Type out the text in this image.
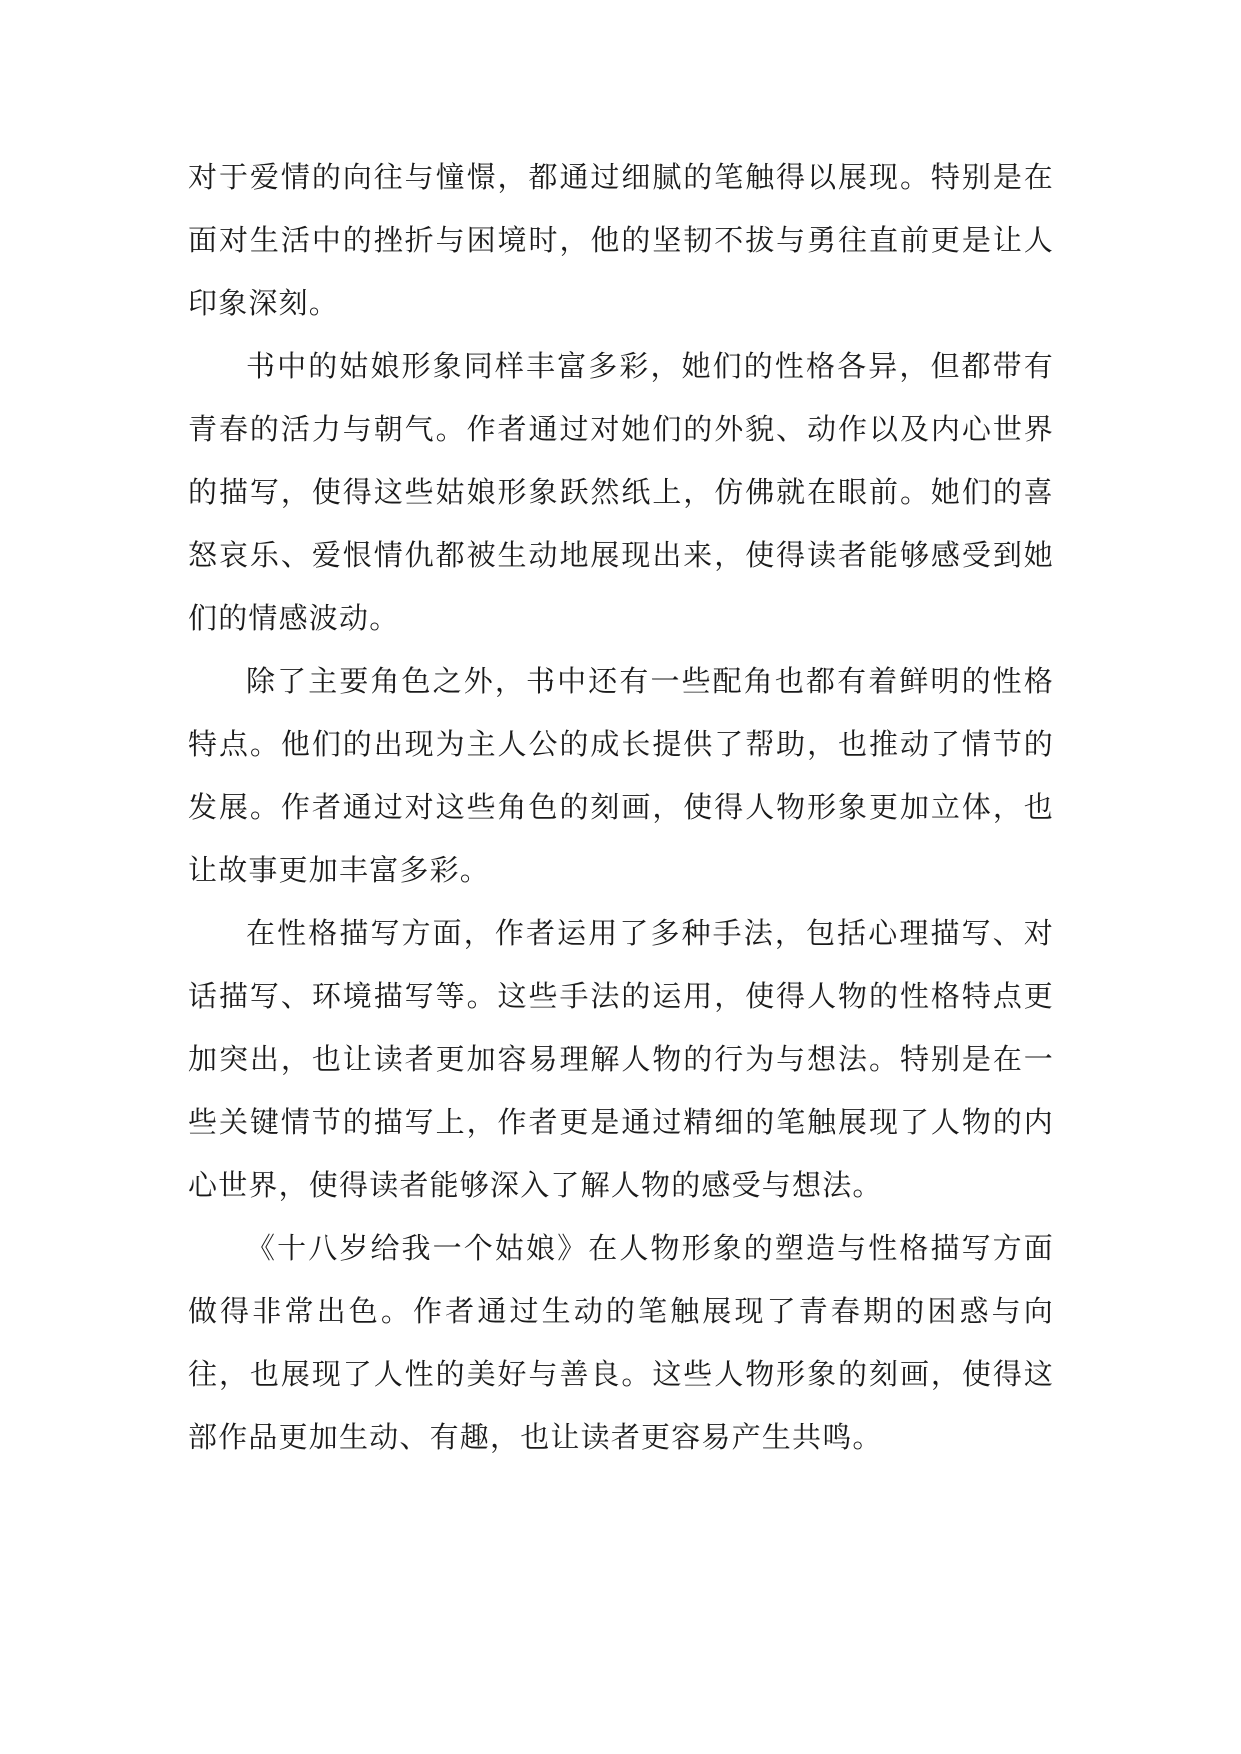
对于爱情的向往与憧憬，都通过细腻的笔触得以展现。特别是在面对生活中的挫折与困境时，他的坚韧不拔与勇往直前更是让人印象深刻。

书中的姑娘形象同样丰富多彩，她们的性格各异，但都带有青春的活力与朝气。作者通过对她们的外貌、动作以及内心世界的描写，使得这些姑娘形象跃然纸上，仿佛就在眼前。她们的喜怒哀乐、爱恨情仇都被生动地展现出来，使得读者能够感受到她们的情感波动。

除了主要角色之外，书中还有一些配角也都有着鲜明的性格特点。他们的出现为主人公的成长提供了帮助，也推动了情节的发展。作者通过对这些角色的刻画，使得人物形象更加立体，也让故事更加丰富多彩。

在性格描写方面，作者运用了多种手法，包括心理描写、对话描写、环境描写等。这些手法的运用，使得人物的性格特点更加突出，也让读者更加容易理解人物的行为与想法。特别是在一些关键情节的描写上，作者更是通过精细的笔触展现了人物的内心世界，使得读者能够深入了解人物的感受与想法。

《十八岁给我一个姑娘》在人物形象的塑造与性格描写方面做得非常出色。作者通过生动的笔触展现了青春期的困惑与向往，也展现了人性的美好与善良。这些人物形象的刻画，使得这部作品更加生动、有趣，也让读者更容易产生共鸣。
